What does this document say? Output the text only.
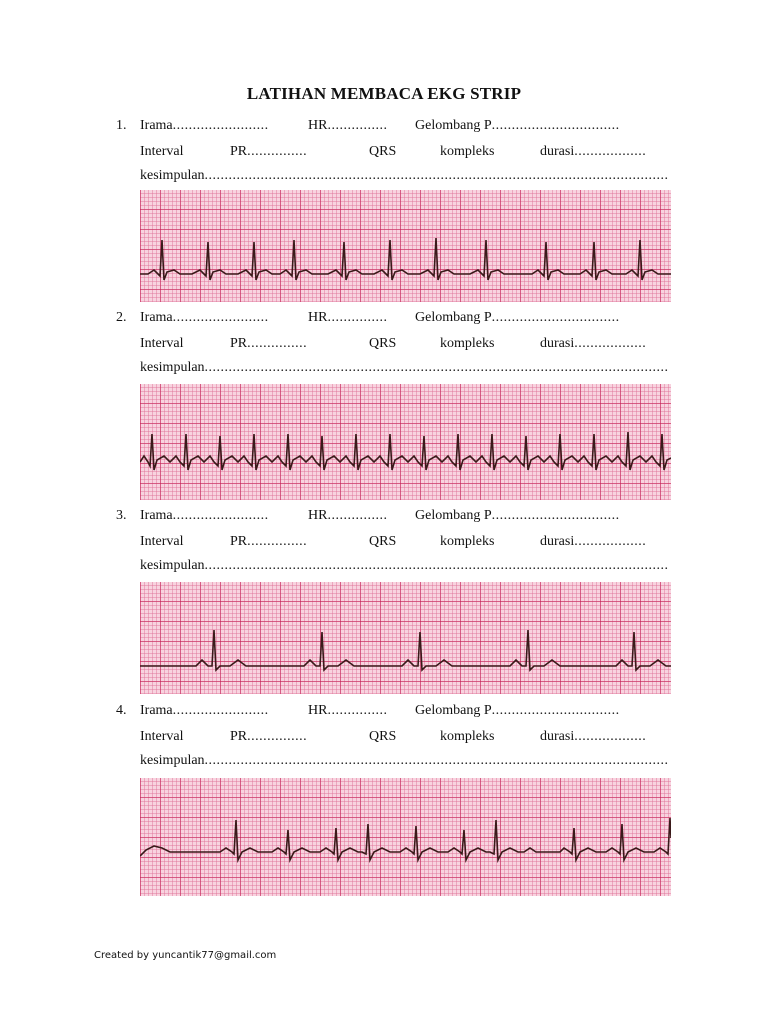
LATIHAN MEMBACA EKG STRIP
1. Irama........................	HR............... Gelombang P................................
Interval	PR...............	QRS	kompleks	durasi..................
kesimpulan....................................................................................................................
2. Irama........................	HR............... Gelombang P................................
Interval	PR...............	QRS	kompleks	durasi..................
kesimpulan....................................................................................................................
3. Irama........................	HR............... Gelombang P................................
Interval	PR...............	QRS	kompleks	durasi..................
kesimpulan....................................................................................................................
4. Irama........................	HR............... Gelombang P................................
Interval	PR...............	QRS	kompleks	durasi..................
kesimpulan....................................................................................................................
Created by yuncantik77@gmail.com
